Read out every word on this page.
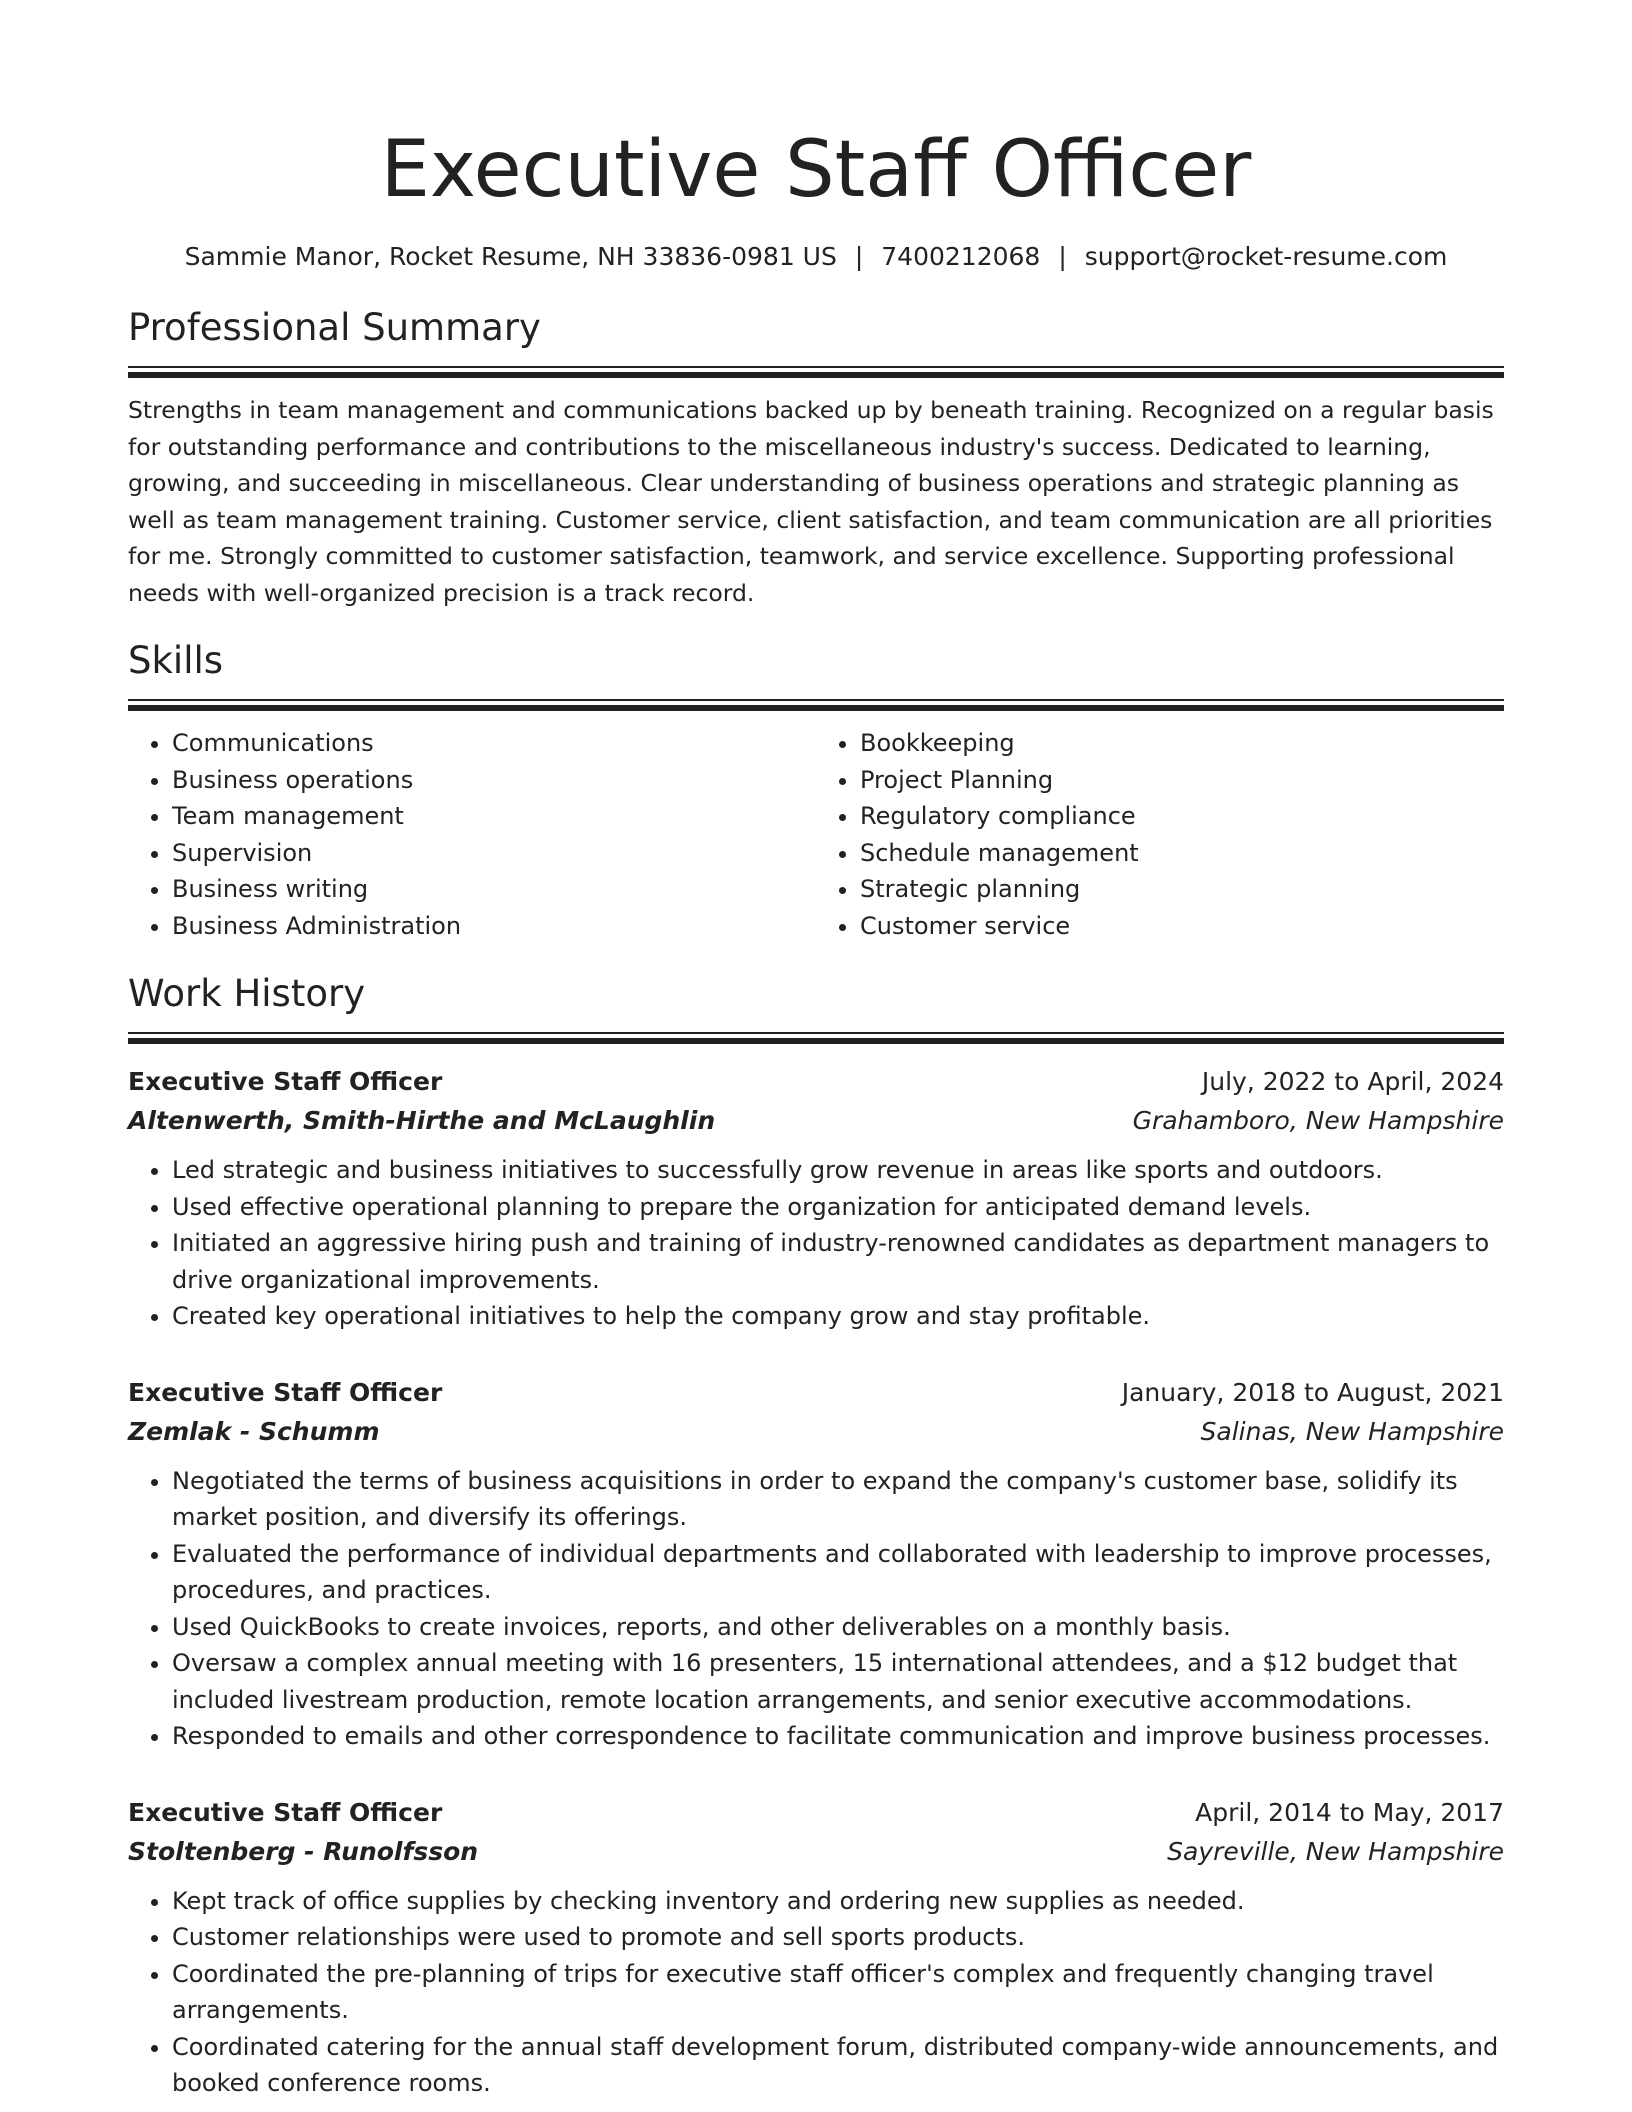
Executive Staff Officer
Sammie Manor, Rocket Resume, NH 33836-0981 US | 7400212068 | support@rocket-resume.com
Professional Summary
Strengths in team management and communications backed up by beneath training. Recognized on a regular basis for outstanding performance and contributions to the miscellaneous industry's success. Dedicated to learning, growing, and succeeding in miscellaneous. Clear understanding of business operations and strategic planning as well as team management training. Customer service, client satisfaction, and team communication are all priorities for me. Strongly committed to customer satisfaction, teamwork, and service excellence. Supporting professional needs with well-organized precision is a track record.
Skills
• Communications
• Business operations
• Team management
• Supervision
• Business writing
• Business Administration
• Bookkeeping
• Project Planning
• Regulatory compliance
• Schedule management
• Strategic planning
• Customer service
Work History
Executive Staff Officer	July, 2022 to April, 2024
Altenwerth, Smith-Hirthe and McLaughlin	Grahamboro, New Hampshire
• Led strategic and business initiatives to successfully grow revenue in areas like sports and outdoors.
• Used effective operational planning to prepare the organization for anticipated demand levels.
• Initiated an aggressive hiring push and training of industry-renowned candidates as department managers to drive organizational improvements.
• Created key operational initiatives to help the company grow and stay profitable.
Executive Staff Officer	January, 2018 to August, 2021
Zemlak - Schumm	Salinas, New Hampshire
• Negotiated the terms of business acquisitions in order to expand the company's customer base, solidify its market position, and diversify its offerings.
• Evaluated the performance of individual departments and collaborated with leadership to improve processes, procedures, and practices.
• Used QuickBooks to create invoices, reports, and other deliverables on a monthly basis.
• Oversaw a complex annual meeting with 16 presenters, 15 international attendees, and a $12 budget that included livestream production, remote location arrangements, and senior executive accommodations.
• Responded to emails and other correspondence to facilitate communication and improve business processes.
Executive Staff Officer	April, 2014 to May, 2017
Stoltenberg - Runolfsson	Sayreville, New Hampshire
• Kept track of office supplies by checking inventory and ordering new supplies as needed.
• Customer relationships were used to promote and sell sports products.
• Coordinated the pre-planning of trips for executive staff officer's complex and frequently changing travel arrangements.
• Coordinated catering for the annual staff development forum, distributed company-wide announcements, and booked conference rooms.
